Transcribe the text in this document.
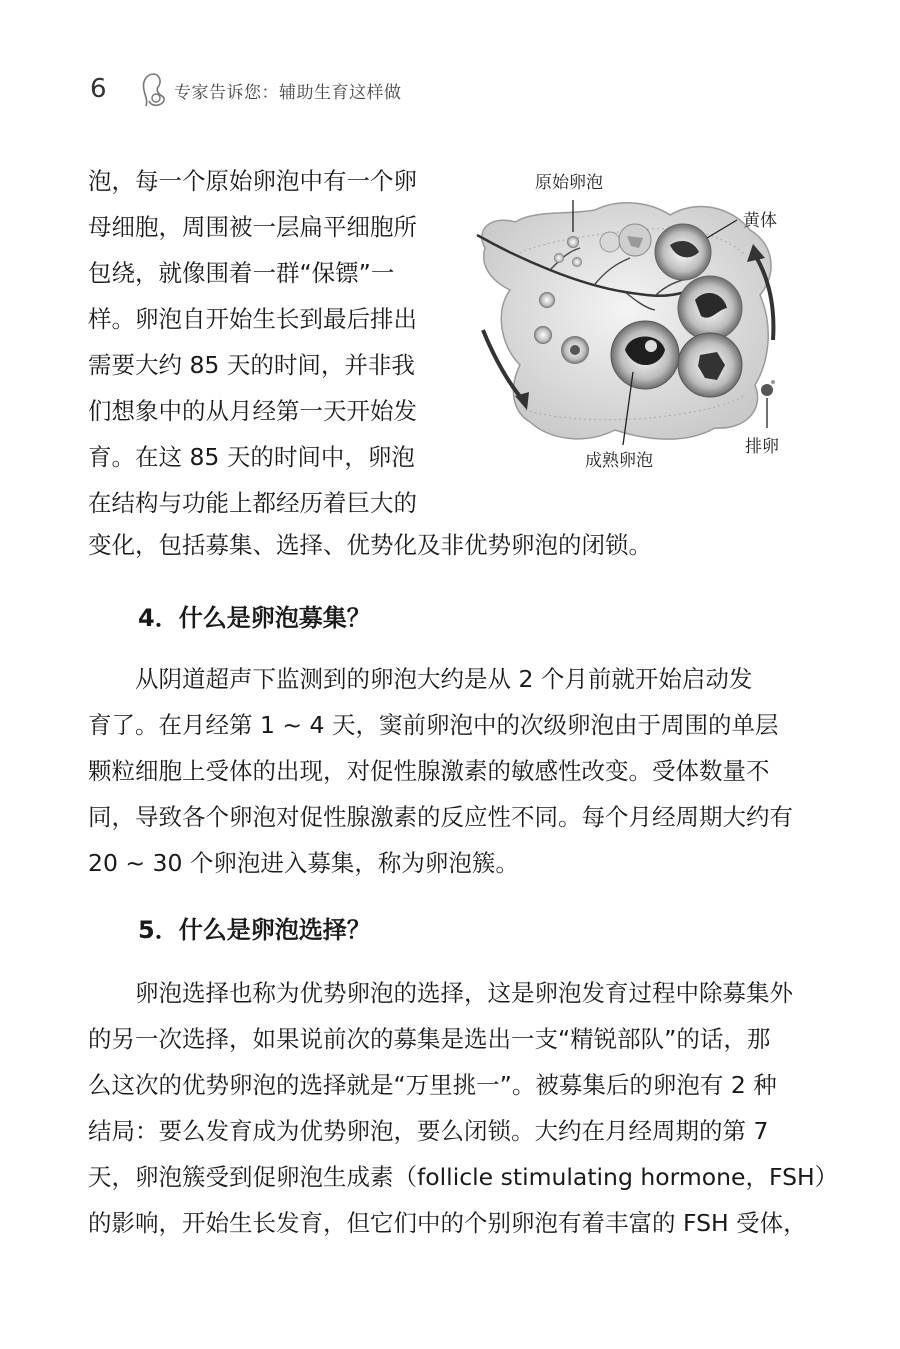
6	专家告诉您：辅助生育这样做
泡，每一个原始卵泡中有一个卵
母细胞，周围被一层扁平细胞所
包绕，就像围着一群“保镖”一
样。卵泡自开始生长到最后排出
需要大约 85 天的时间，并非我
们想象中的从月经第一天开始发
育。在这 85 天的时间中，卵泡
在结构与功能上都经历着巨大的
原始卵泡
黄体
成熟卵泡
排卵
变化，包括募集、选择、优势化及非优势卵泡的闭锁。
4．什么是卵泡募集？
　　从阴道超声下监测到的卵泡大约是从 2 个月前就开始启动发
育了。在月经第 1 ~ 4 天，窦前卵泡中的次级卵泡由于周围的单层
颗粒细胞上受体的出现，对促性腺激素的敏感性改变。受体数量不
同，导致各个卵泡对促性腺激素的反应性不同。每个月经周期大约有
20 ~ 30 个卵泡进入募集，称为卵泡簇。
5．什么是卵泡选择？
　　卵泡选择也称为优势卵泡的选择，这是卵泡发育过程中除募集外
的另一次选择，如果说前次的募集是选出一支“精锐部队”的话，那
么这次的优势卵泡的选择就是“万里挑一”。被募集后的卵泡有 2 种
结局：要么发育成为优势卵泡，要么闭锁。大约在月经周期的第 7
天，卵泡簇受到促卵泡生成素（follicle stimulating hormone，FSH）
的影响，开始生长发育，但它们中的个别卵泡有着丰富的 FSH 受体，
